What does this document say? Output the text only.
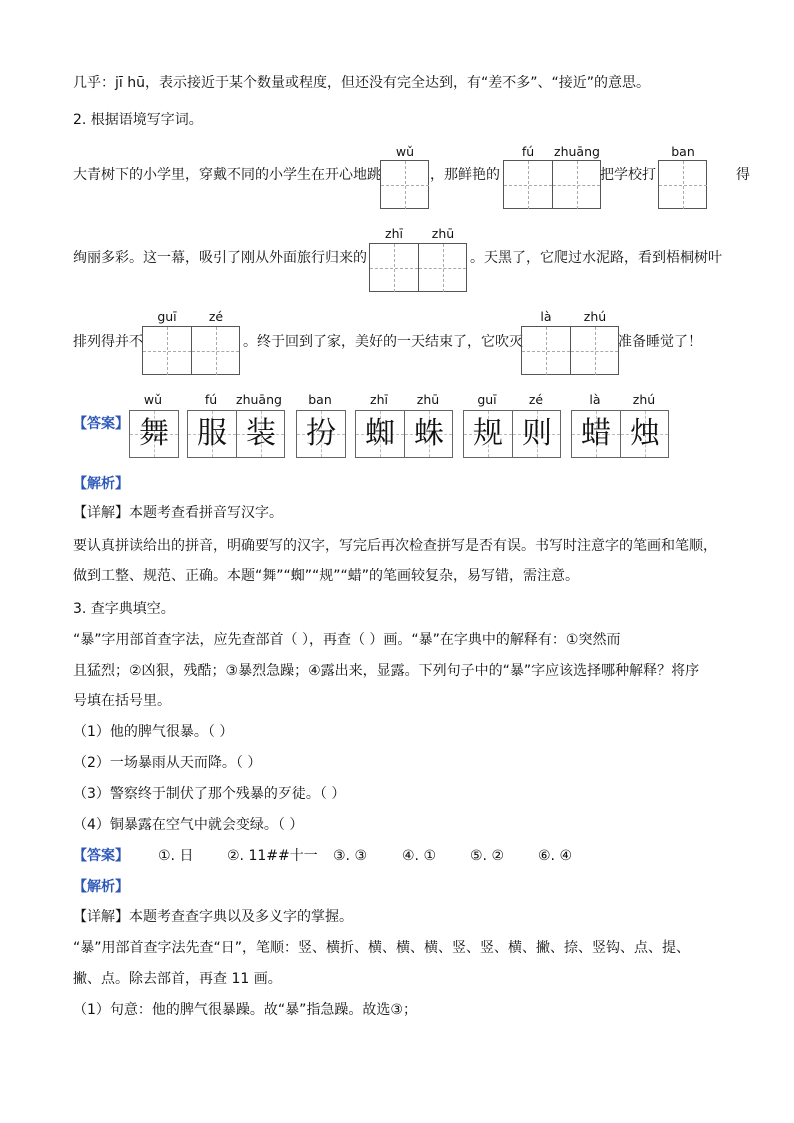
几乎：jī hū，表示接近于某个数量或程度，但还没有完全达到，有“差不多”、“接近”的意思。
2. 根据语境写字词。
wǔ	fú	zhuāng	ban
大青树下的小学里，穿戴不同的小学生在开心地跳	，那鲜艳的	把学校打	得
zhī	zhū
绚丽多彩。这一幕，吸引了刚从外面旅行归来的	。天黑了，它爬过水泥路，看到梧桐树叶
guī	zé	là	zhú
排列得并不	。终于回到了家，美好的一天结束了，它吹灭	准备睡觉了！
【答案】
wǔ	fú	zhuāng	ban	zhī	zhū	guī	zé	là	zhú
舞 服 装	扮 蜘 蛛 规 则 蜡 烛
【解析】
【详解】本题考查看拼音写汉字。
要认真拼读给出的拼音，明确要写的汉字，写完后再次检查拼写是否有误。书写时注意字的笔画和笔顺，
做到工整、规范、正确。本题“舞”“蜘”“规”“蜡”的笔画较复杂，易写错，需注意。
3. 查字典填空。
“暴”字用部首查字法，应先查部首（ ），再查（ ）画。“暴”在字典中的解释有：①突然而
且猛烈；②凶狠，残酷；③暴烈急躁；④露出来，显露。下列句子中的“暴”字应该选择哪种解释？将序
号填在括号里。
（1）他的脾气很暴。（ ）
（2）一场暴雨从天而降。（ ）
（3）警察终于制伏了那个残暴的歹徒。（ ）
（4）铜暴露在空气中就会变绿。（ ）
【答案】 ①. 日 ②. 11##十一 ③. ③ ④. ① ⑤. ② ⑥. ④
【解析】
【详解】本题考查查字典以及多义字的掌握。
“暴”用部首查字法先查“日”，笔顺：竖、横折、横、横、横、竖、竖、横、撇、捺、竖钩、点、提、
撇、点。除去部首，再查 11 画。
（1）句意：他的脾气很暴躁。故“暴”指急躁。故选③；
